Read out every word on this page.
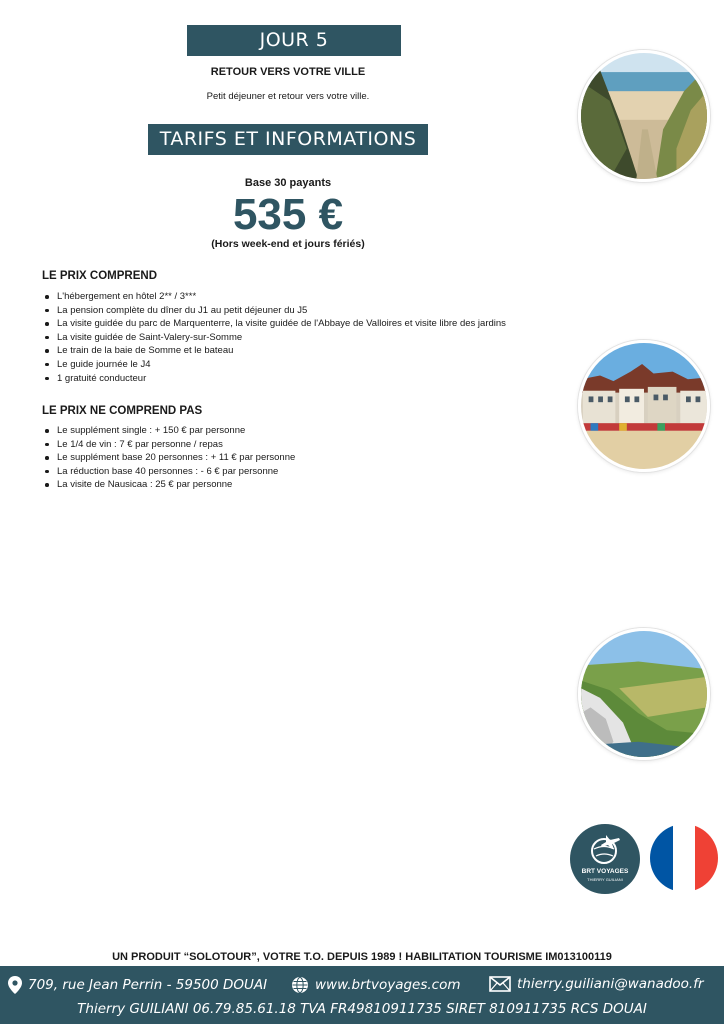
JOUR 5
RETOUR VERS VOTRE VILLE
Petit déjeuner et retour vers votre ville.
TARIFS ET INFORMATIONS
Base 30 payants
535 €
(Hors week-end et jours fériés)
LE PRIX COMPREND
L'hébergement en hôtel 2** / 3***
La pension complète du dîner du J1 au petit déjeuner du J5
La visite guidée du parc de Marquenterre, la visite guidée de l'Abbaye de Valloires et visite libre des jardins
La visite guidée de Saint-Valery-sur-Somme
Le train de la baie de Somme et le bateau
Le guide journée le J4
1 gratuité conducteur
LE PRIX NE COMPREND PAS
Le supplément single : + 150 € par personne
Le 1/4 de vin : 7 € par personne / repas
Le supplément base 20 personnes : + 11 € par personne
La réduction base 40 personnes : - 6 € par personne
La visite de Nausicaa : 25 € par personne
BRT VOYAGES
THIERRY GUILIANI
UN PRODUIT “SOLOTOUR”, VOTRE T.O. DEPUIS 1989 ! HABILITATION TOURISME IM013100119
709, rue Jean Perrin - 59500 DOUAI	www.brtvoyages.com	thierry.guiliani@wanadoo.fr
Thierry GUILIANI 06.79.85.61.18 TVA FR49810911735 SIRET 810911735 RCS DOUAI
